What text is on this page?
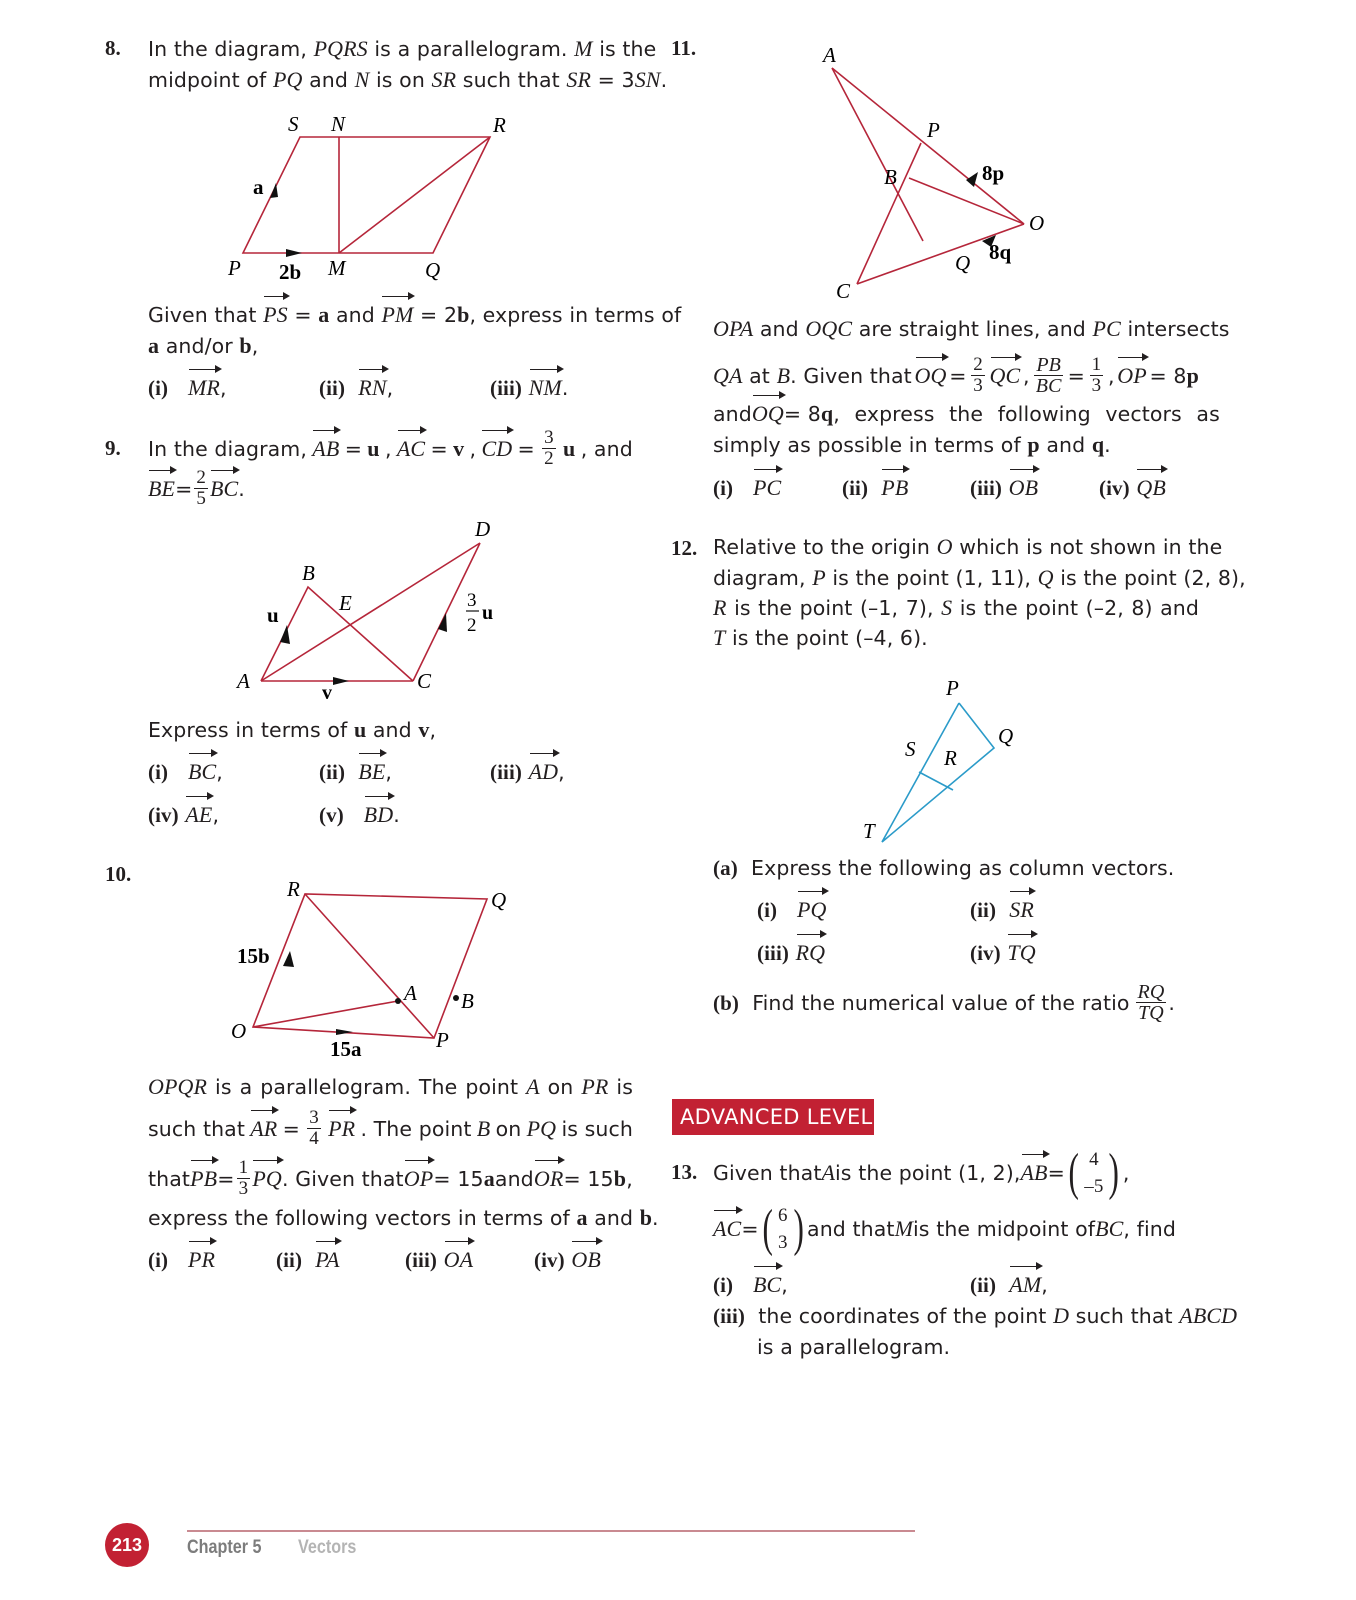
8. In the diagram, PQRS is a parallelogram. M is the
midpoint of PQ and N is on SR such that SR = 3SN.
S N	R
a
P 2b M	Q
Given that PS = a and PM = 2b, express in terms of
a and/or b,
(i) MR,	(ii) RN,	(iii) NM.
9. In the diagram, AB = u , AC = v , CD = $\frac{3}{2}$ u , and
BE = $\frac{2}{5}$ BC .
B
E
D
u
A	C
v
3
2
u
Express in terms of u and v,
(i) BC,	(ii) BE,	(iii) AD,
(iv) AE,	(v) BD.
10.
R	Q
15b
A B
O	P
15a
OPQR is a parallelogram. The point A on PR is
such that AR = $\frac{3}{4}$ PR . The point B on PQ is such
that PB = $\frac{1}{3}$ PQ . Given that OP = 15 a and OR = 15 b ,
express the following vectors in terms of a and b.
(i) PR	(ii) PA	(iii) OA	(iv) OB
11.	A
P
B	8p
O
8q
Q
C
OPA and OQC are straight lines, and PC intersects
QA at B. Given that OQ = $\frac{2}{3}$ QC , $\frac{PB}{BC} = \frac{1}{3}$ , OP = 8p
and OQ = 8q , express the following vectors as
simply as possible in terms of p and q.
(i) PC	(ii) PB	(iii) OB	(iv) QB
12. Relative to the origin O which is not shown in the
diagram, P is the point (1, 11), Q is the point (2, 8),
R is the point (–1, 7), S is the point (–2, 8) and
T is the point (–4, 6).
P
Q
S R
T
(a) Express the following as column vectors.
(i) PQ	(ii) SR
(iii) RQ	(iv) TQ
(b)
Find the numerical value of the ratio $\frac{RQ}{TQ}$ .
ADVANCED LEVEL
13. Given that A is the point (1, 2), AB = ( 4
–5 ) ,
AC = ( 6
3 ) and that M is the midpoint of BC , find
(i) BC,	(ii) AM,
(iii) the coordinates of the point D such that ABCD
is a parallelogram.
213	Chapter 5 Vectors
